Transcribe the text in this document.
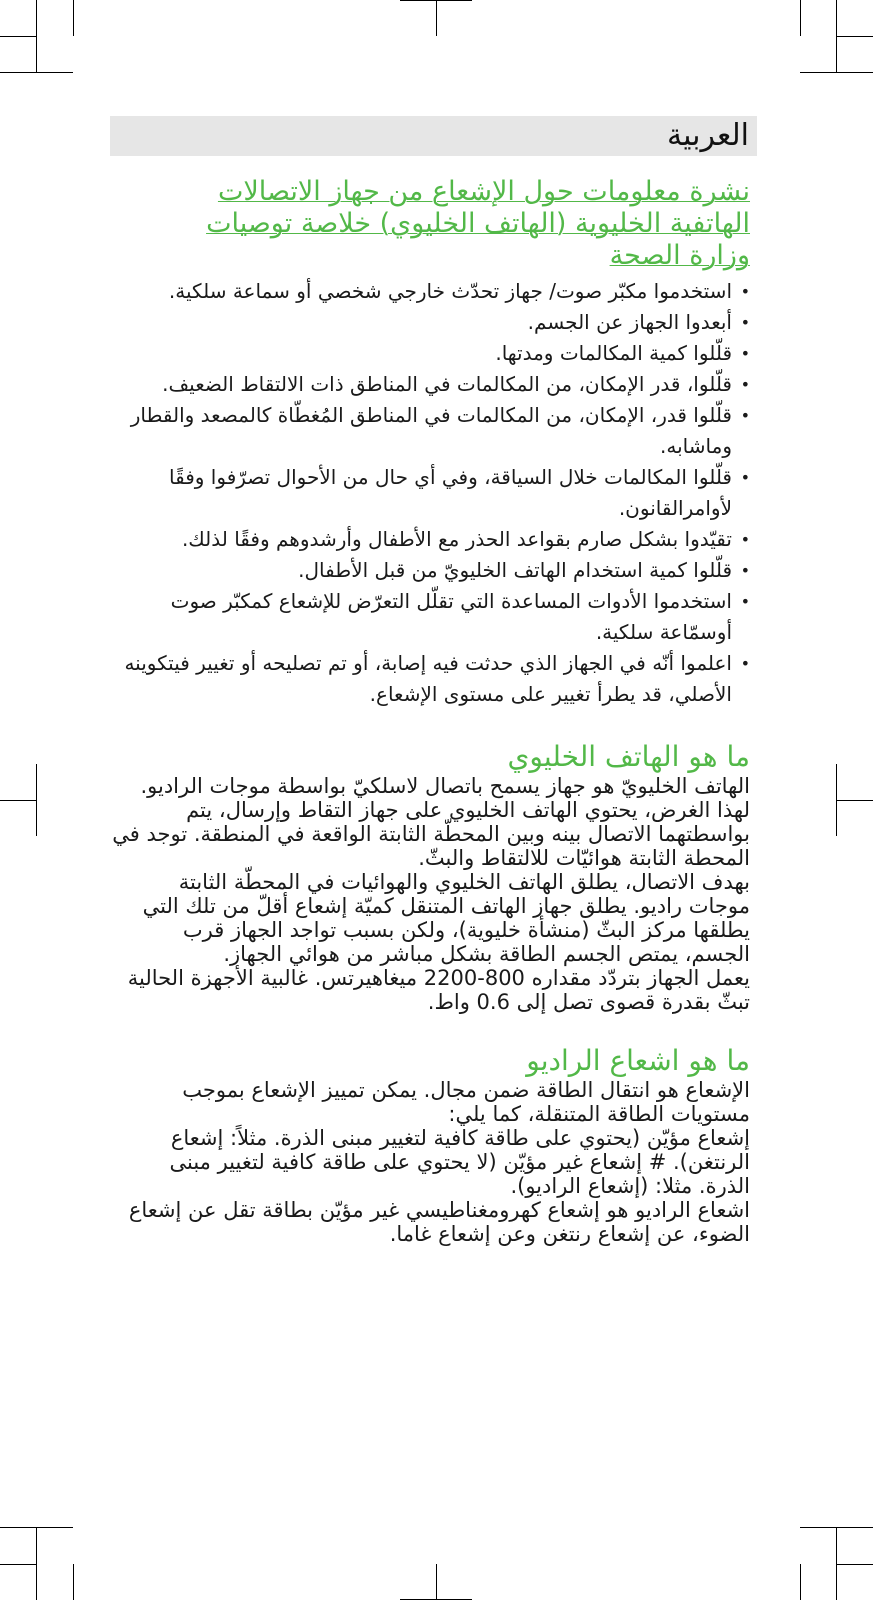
العربية
نشرة معلومات حول الإشعاع من جهاز الاتصالات الهاتفية الخليوية (الهاتف الخليوي) خلاصة توصيات وزارة الصحة
• استخدموا مكبّر صوت/ جهاز تحدّث خارجي شخصي أو سماعة سلكية.
• أبعدوا الجهاز عن الجسم.
• قلّلوا كمية المكالمات ومدتها.
• قلّلوا، قدر الإمكان، من المكالمات في المناطق ذات الالتقاط الضعيف.
• قلّلوا قدر، الإمكان، من المكالمات في المناطق المُغطّاة كالمصعد والقطار وماشابه.
• قلّلوا المكالمات خلال السياقة، وفي أي حال من الأحوال تصرّفوا وفقًا لأوامرالقانون.
• تقيّدوا بشكل صارم بقواعد الحذر مع الأطفال وأرشدوهم وفقًا لذلك.
• قلّلوا كمية استخدام الهاتف الخليويّ من قبل الأطفال.
• استخدموا الأدوات المساعدة التي تقلّل التعرّض للإشعاع كمكبّر صوت أوسمّاعة سلكية.
• اعلموا أنّه في الجهاز الذي حدثت فيه إصابة، أو تم تصليحه أو تغيير فيتكوينه الأصلي، قد يطرأ تغيير على مستوى الإشعاع.
ما هو الهاتف الخليوي

الهاتف الخليويّ هو جهاز يسمح باتصال لاسلكيّ بواسطة موجات الراديو. لهذا الغرض، يحتوي الهاتف الخليوي على جهاز التقاط وإرسال، يتم بواسطتهما الاتصال بينه وبين المحطّة الثابتة الواقعة في المنطقة. توجد في المحطة الثابتة هوائيّات للالتقاط والبثّ.

بهدف الاتصال، يطلق الهاتف الخليوي والهوائيات في المحطّة الثابتة موجات راديو. يطلق جهاز الهاتف المتنقل كميّة إشعاع أقلّ من تلك التي يطلقها مركز البثّ (منشأة خليوية)، ولكن بسبب تواجد الجهاز قرب الجسم، يمتص الجسم الطاقة بشكل مباشر من هوائي الجهاز.

يعمل الجهاز بتردّد مقداره 800-2200 ميغاهيرتس. غالبية الأجهزة الحالية تبثّ بقدرة قصوى تصل إلى 0.6 واط.

ما هو اشعاع الراديو

الإشعاع هو انتقال الطاقة ضمن مجال. يمكن تمييز الإشعاع بموجب مستويات الطاقة المتنقلة، كما يلي:

إشعاع مؤيّن (يحتوي على طاقة كافية لتغيير مبنى الذرة. مثلاً: إشعاع الرنتغن). # إشعاع غير مؤيّن (لا يحتوي على طاقة كافية لتغيير مبنى الذرة. مثلا: (إشعاع الراديو).

اشعاع الراديو هو إشعاع كهرومغناطيسي غير مؤيّن بطاقة تقل عن إشعاع الضوء، عن إشعاع رنتغن وعن إشعاع غاما.
